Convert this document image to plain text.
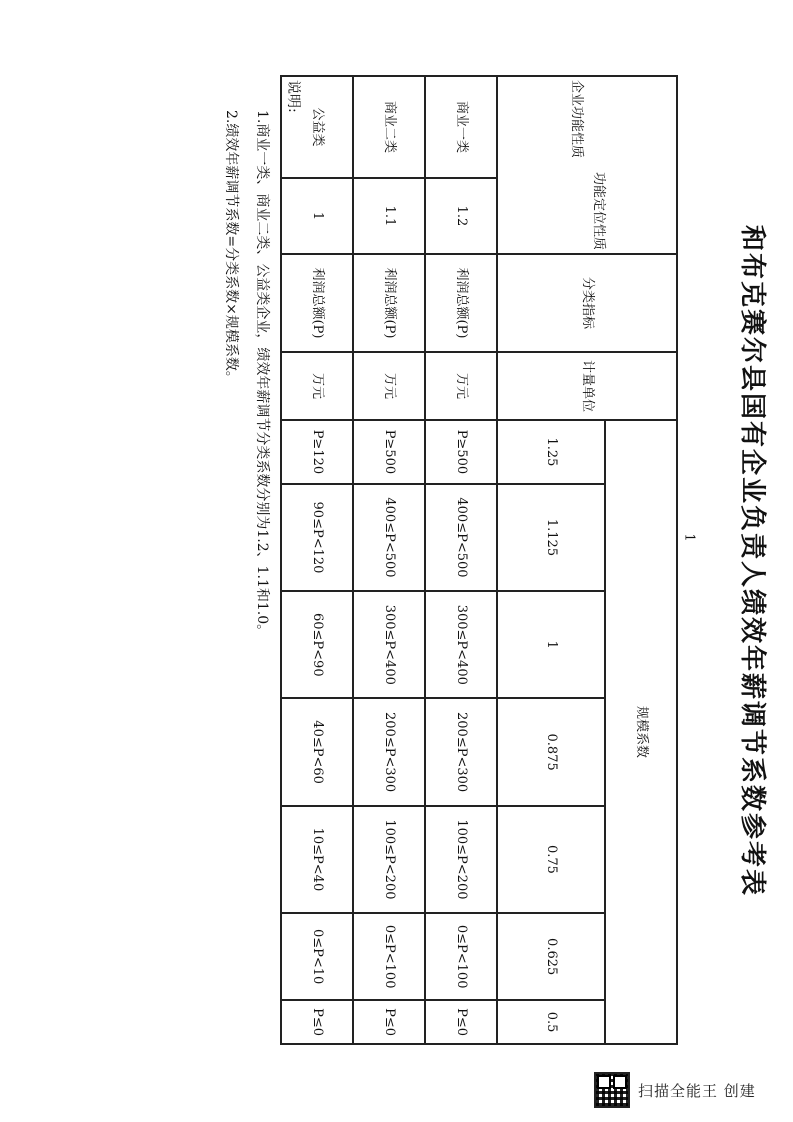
和布克赛尔县国有企业负责人绩效年薪调节系数参考表
功能定位性质
企业功能性质		分类指标	计量单位	规模系数						
				1.25	1.125	1	0.875	0.75	0.625	0.5
商业一类	1.2	利润总额(P)	万元	P≥500	400≤P<500	300≤P<400	200≤P<300	100≤P<200	0≤P<100	P≤0
商业二类	1.1	利润总额(P)	万元	P≥500	400≤P<500	300≤P<400	200≤P<300	100≤P<200	0≤P<100	P≤0
公益类	1	利润总额(P)	万元	P≥120	90≤P<120	60≤P<90	40≤P<60	10≤P<40	0≤P<10	P≤0
说明:
1.商业一类、商业二类、公益类企业，绩效年薪调节分类系数分别为1.2、1.1和1.0。
2.绩效年薪调节系数=分类系数×规模系数。
1
扫描全能王 创建
